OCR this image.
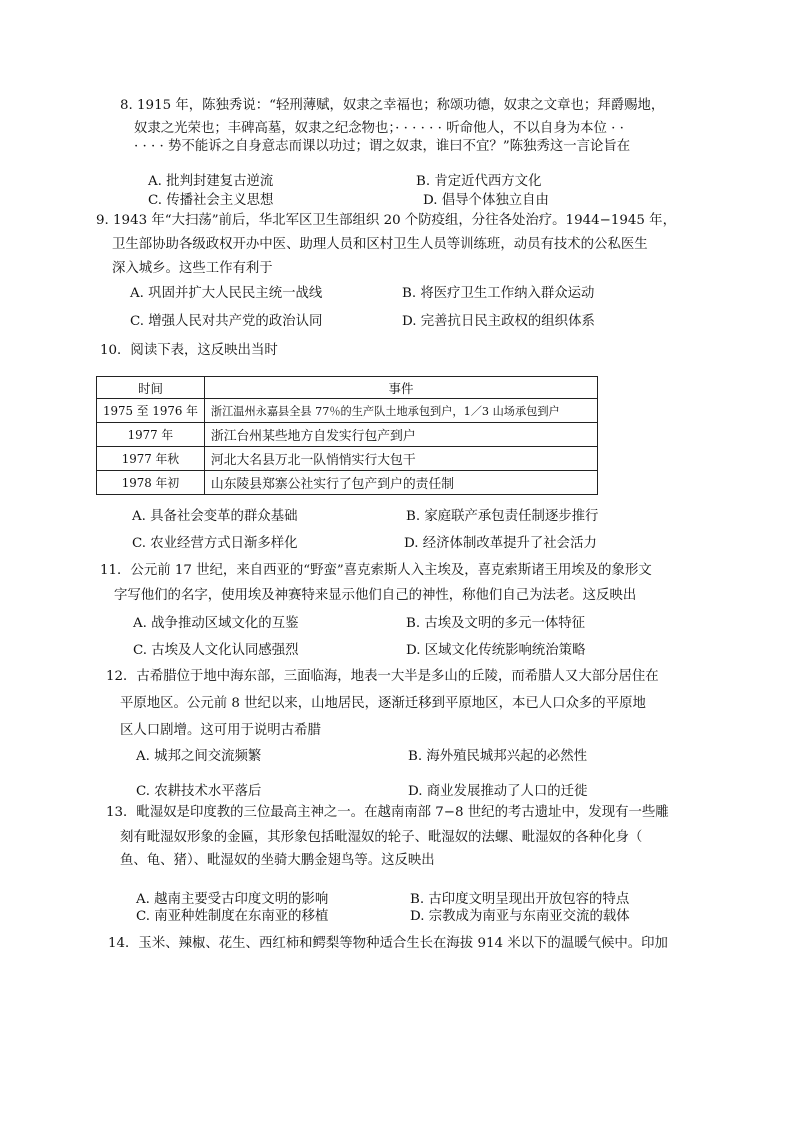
8. 1915 年，陈独秀说：“轻刑薄赋，奴隶之幸福也；称颂功德，奴隶之文章也；拜爵赐地，
奴隶之光荣也；丰碑高墓，奴隶之纪念物也；· · · · · · 听命他人，不以自身为本位 · ·
· · · · 势不能诉之自身意志而课以功过；谓之奴隶，谁曰不宜？”陈独秀这一言论旨在
A. 批判封建复古逆流	B. 肯定近代西方文化
C. 传播社会主义思想	D. 倡导个体独立自由
9. 1943 年“大扫荡”前后，华北军区卫生部组织 20 个防疫组，分往各处治疗。1944−1945 年，
卫生部协助各级政权开办中医、助理人员和区村卫生人员等训练班，动员有技术的公私医生
深入城乡。这些工作有利于
A. 巩固并扩大人民民主统一战线	B. 将医疗卫生工作纳入群众运动
C. 增强人民对共产党的政治认同	D. 完善抗日民主政权的组织体系
10．阅读下表，这反映出当时
时间	事件
1975 至 1976 年	浙江温州永嘉县全县 77％的生产队土地承包到户，1／3 山场承包到户
1977 年	浙江台州某些地方自发实行包产到户
1977 年秋	河北大名县万北一队悄悄实行大包干
1978 年初	山东陵县郑寨公社实行了包产到户的责任制
A. 具备社会变革的群众基础	B. 家庭联产承包责任制逐步推行
C. 农业经营方式日渐多样化	D. 经济体制改革提升了社会活力
11．公元前 17 世纪，来自西亚的“野蛮”喜克索斯人入主埃及，喜克索斯诸王用埃及的象形文
字写他们的名字，使用埃及神赛特来显示他们自己的神性，称他们自己为法老。这反映出
A. 战争推动区域文化的互鉴	B. 古埃及文明的多元一体特征
C. 古埃及人文化认同感强烈	D. 区域文化传统影响统治策略
12．古希腊位于地中海东部，三面临海，地表一大半是多山的丘陵，而希腊人又大部分居住在
平原地区。公元前 8 世纪以来，山地居民，逐渐迁移到平原地区，本已人口众多的平原地
区人口剧增。这可用于说明古希腊
A. 城邦之间交流频繁	B. 海外殖民城邦兴起的必然性
C. 农耕技术水平落后	D. 商业发展推动了人口的迁徙
13．毗湿奴是印度教的三位最高主神之一。在越南南部 7−8 世纪的考古遗址中，发现有一些雕
刻有毗湿奴形象的金匾，其形象包括毗湿奴的轮子、毗湿奴的法螺、毗湿奴的各种化身（
鱼、龟、猪）、毗湿奴的坐骑大鹏金翅鸟等。这反映出
A. 越南主要受古印度文明的影响	B. 古印度文明呈现出开放包容的特点
C. 南亚种姓制度在东南亚的移植	D. 宗教成为南亚与东南亚交流的载体
14．玉米、辣椒、花生、西红柿和鳄梨等物种适合生长在海拔 914 米以下的温暖气候中。印加
